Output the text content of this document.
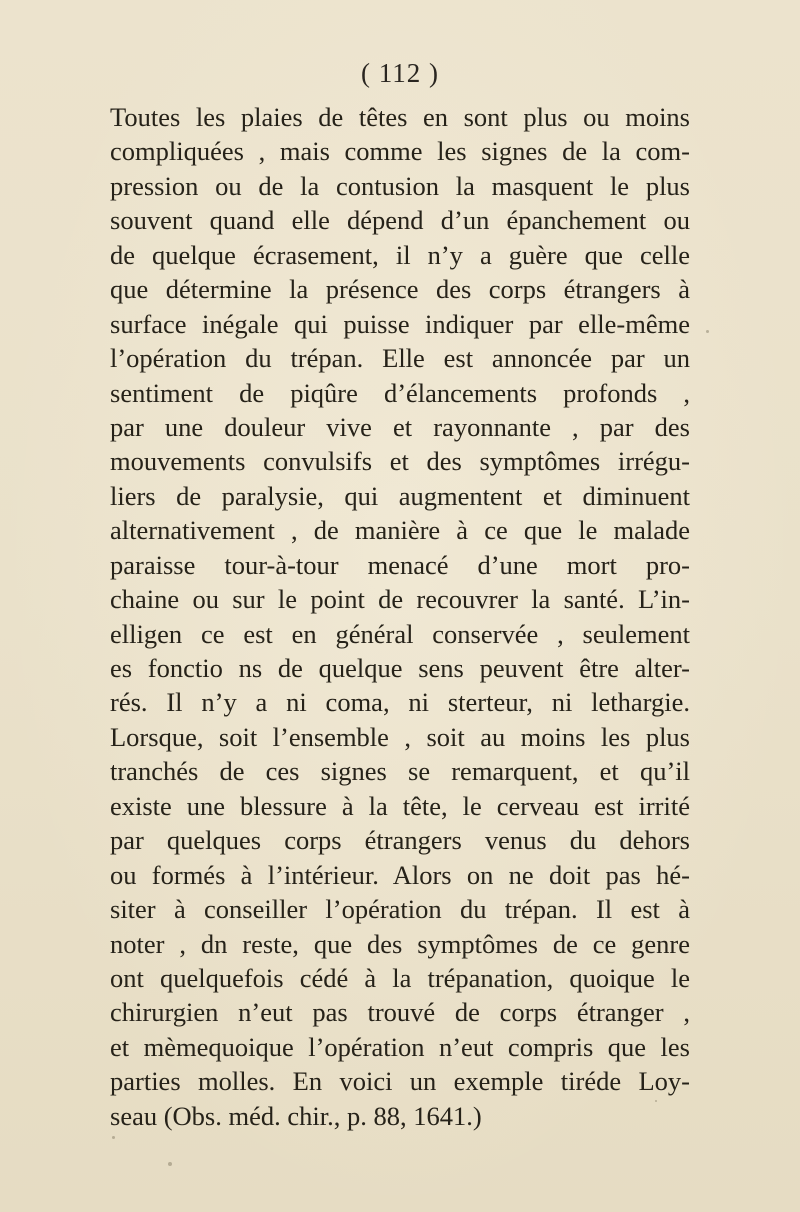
( 112 )
Toutes les plaies de têtes en sont plus ou moins
compliquées , mais comme les signes de la com-
pression ou de la contusion la masquent le plus
souvent quand elle dépend d’un épanchement ou
de quelque écrasement, il n’y a guère que celle
que détermine la présence des corps étrangers à
surface inégale qui puisse indiquer par elle-même
l’opération du trépan. Elle est annoncée par un
sentiment de piqûre d’élancements profonds ,
par une douleur vive et rayonnante , par des
mouvements convulsifs et des symptômes irrégu-
liers de paralysie, qui augmentent et diminuent
alternativement , de manière à ce que le malade
paraisse tour-à-tour menacé d’une mort pro-
chaine ou sur le point de recouvrer la santé. L’in-
elligen ce est en général conservée , seulement
es fonctio ns de quelque sens peuvent être alter-
rés. Il n’y a ni coma, ni sterteur, ni lethargie.
Lorsque, soit l’ensemble , soit au moins les plus
tranchés de ces signes se remarquent, et qu’il
existe une blessure à la tête, le cerveau est irrité
par quelques corps étrangers venus du dehors
ou formés à l’intérieur. Alors on ne doit pas hé-
siter à conseiller l’opération du trépan. Il est à
noter , dn reste, que des symptômes de ce genre
ont quelquefois cédé à la trépanation, quoique le
chirurgien n’eut pas trouvé de corps étranger ,
et mèmequoique l’opération n’eut compris que les
parties molles. En voici un exemple tiréde Loy-
seau (Obs. méd. chir., p. 88, 1641.)
